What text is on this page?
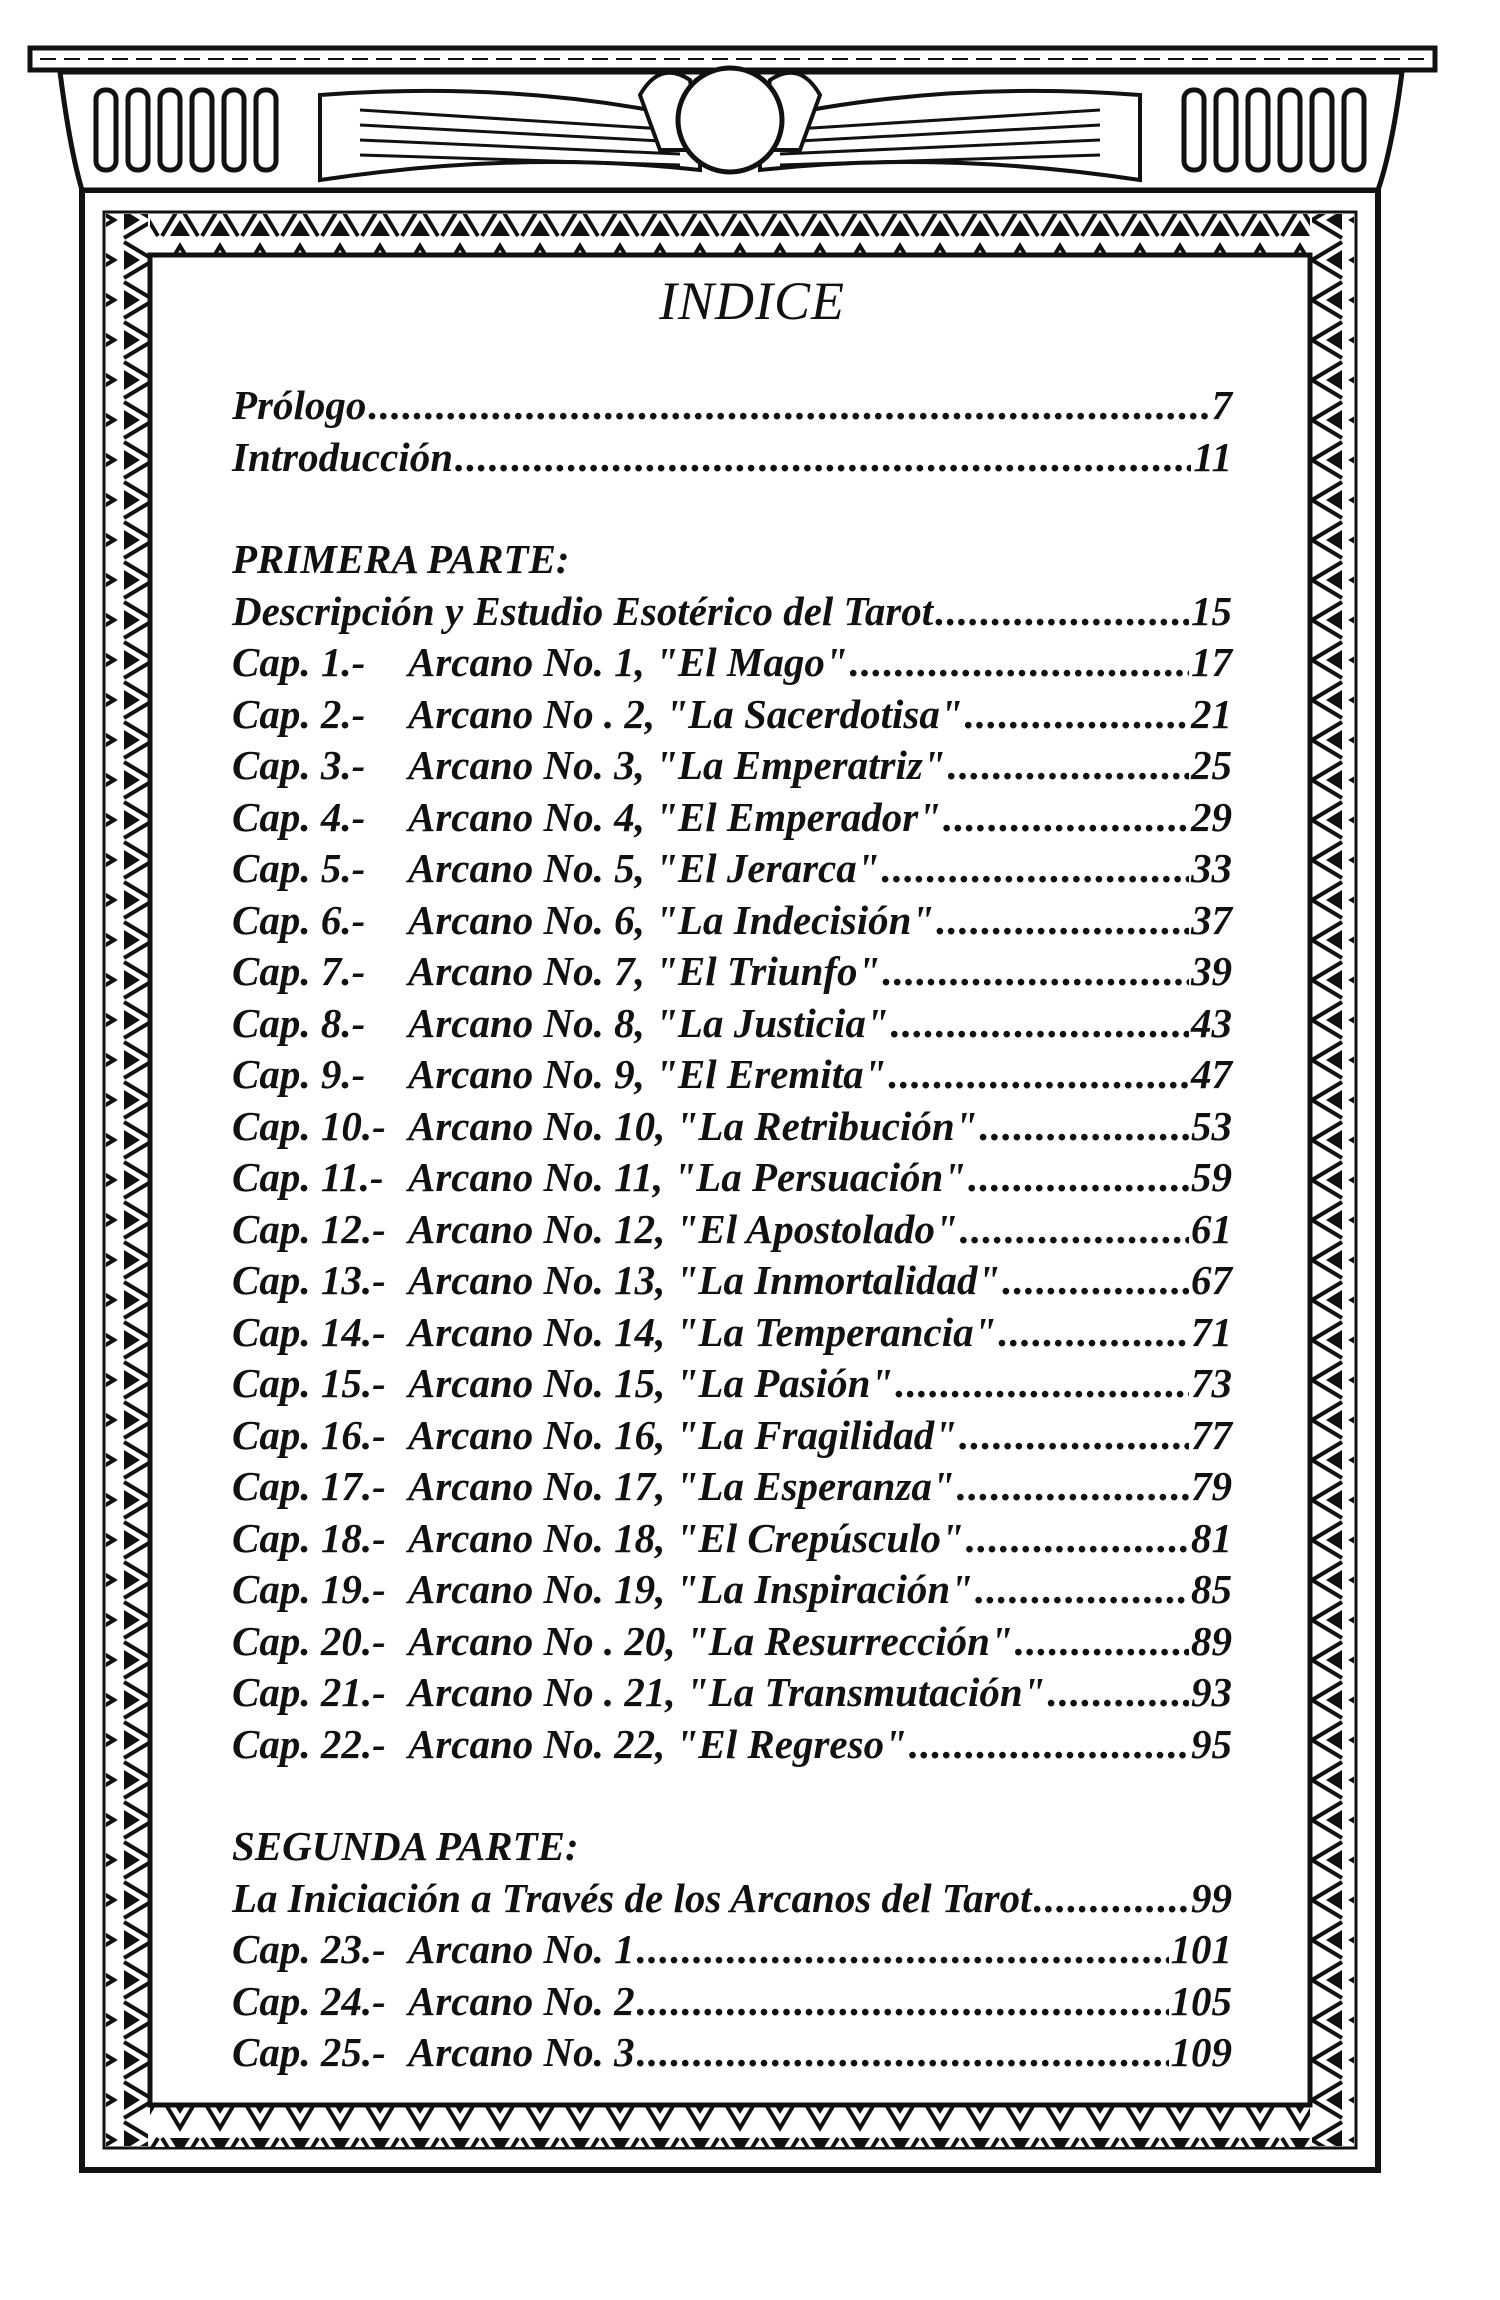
INDICE
Prólogo .....	7
Introducción .....	11
PRIMERA PARTE:
Descripción y Estudio Esotérico del Tarot .....	15
Cap. 1.- Arcano No. 1, "El Mago" .....	17
Cap. 2.- Arcano No . 2, "La Sacerdotisa" .....	21
Cap. 3.- Arcano No. 3, "La Emperatriz" .....	25
Cap. 4.- Arcano No. 4, "El Emperador" .....	29
Cap. 5.- Arcano No. 5, "El Jerarca" .....	33
Cap. 6.- Arcano No. 6, "La Indecisión" .....	37
Cap. 7.- Arcano No. 7, "El Triunfo" .....	39
Cap. 8.- Arcano No. 8, "La Justicia" .....	43
Cap. 9.- Arcano No. 9, "El Eremita" .....	47
Cap. 10.- Arcano No. 10, "La Retribución" .....	53
Cap. 11.- Arcano No. 11, "La Persuación" .....	59
Cap. 12.- Arcano No. 12, "El Apostolado" .....	61
Cap. 13.- Arcano No. 13, "La Inmortalidad" .....	67
Cap. 14.- Arcano No. 14, "La Temperancia" .....	71
Cap. 15.- Arcano No. 15, "La Pasión" .....	73
Cap. 16.- Arcano No. 16, "La Fragilidad" .....	77
Cap. 17.- Arcano No. 17, "La Esperanza" .....	79
Cap. 18.- Arcano No. 18, "El Crepúsculo" .....	81
Cap. 19.- Arcano No. 19, "La Inspiración" .....	85
Cap. 20.- Arcano No . 20, "La Resurrección" .....	89
Cap. 21.- Arcano No . 21, "La Transmutación" .....	93
Cap. 22.- Arcano No. 22, "El Regreso" .....	95
SEGUNDA PARTE:
La Iniciación a Través de los Arcanos del Tarot .....	99
Cap. 23.- Arcano No. 1 .....	101
Cap. 24.- Arcano No. 2 .....	105
Cap. 25.- Arcano No. 3 .....	109
